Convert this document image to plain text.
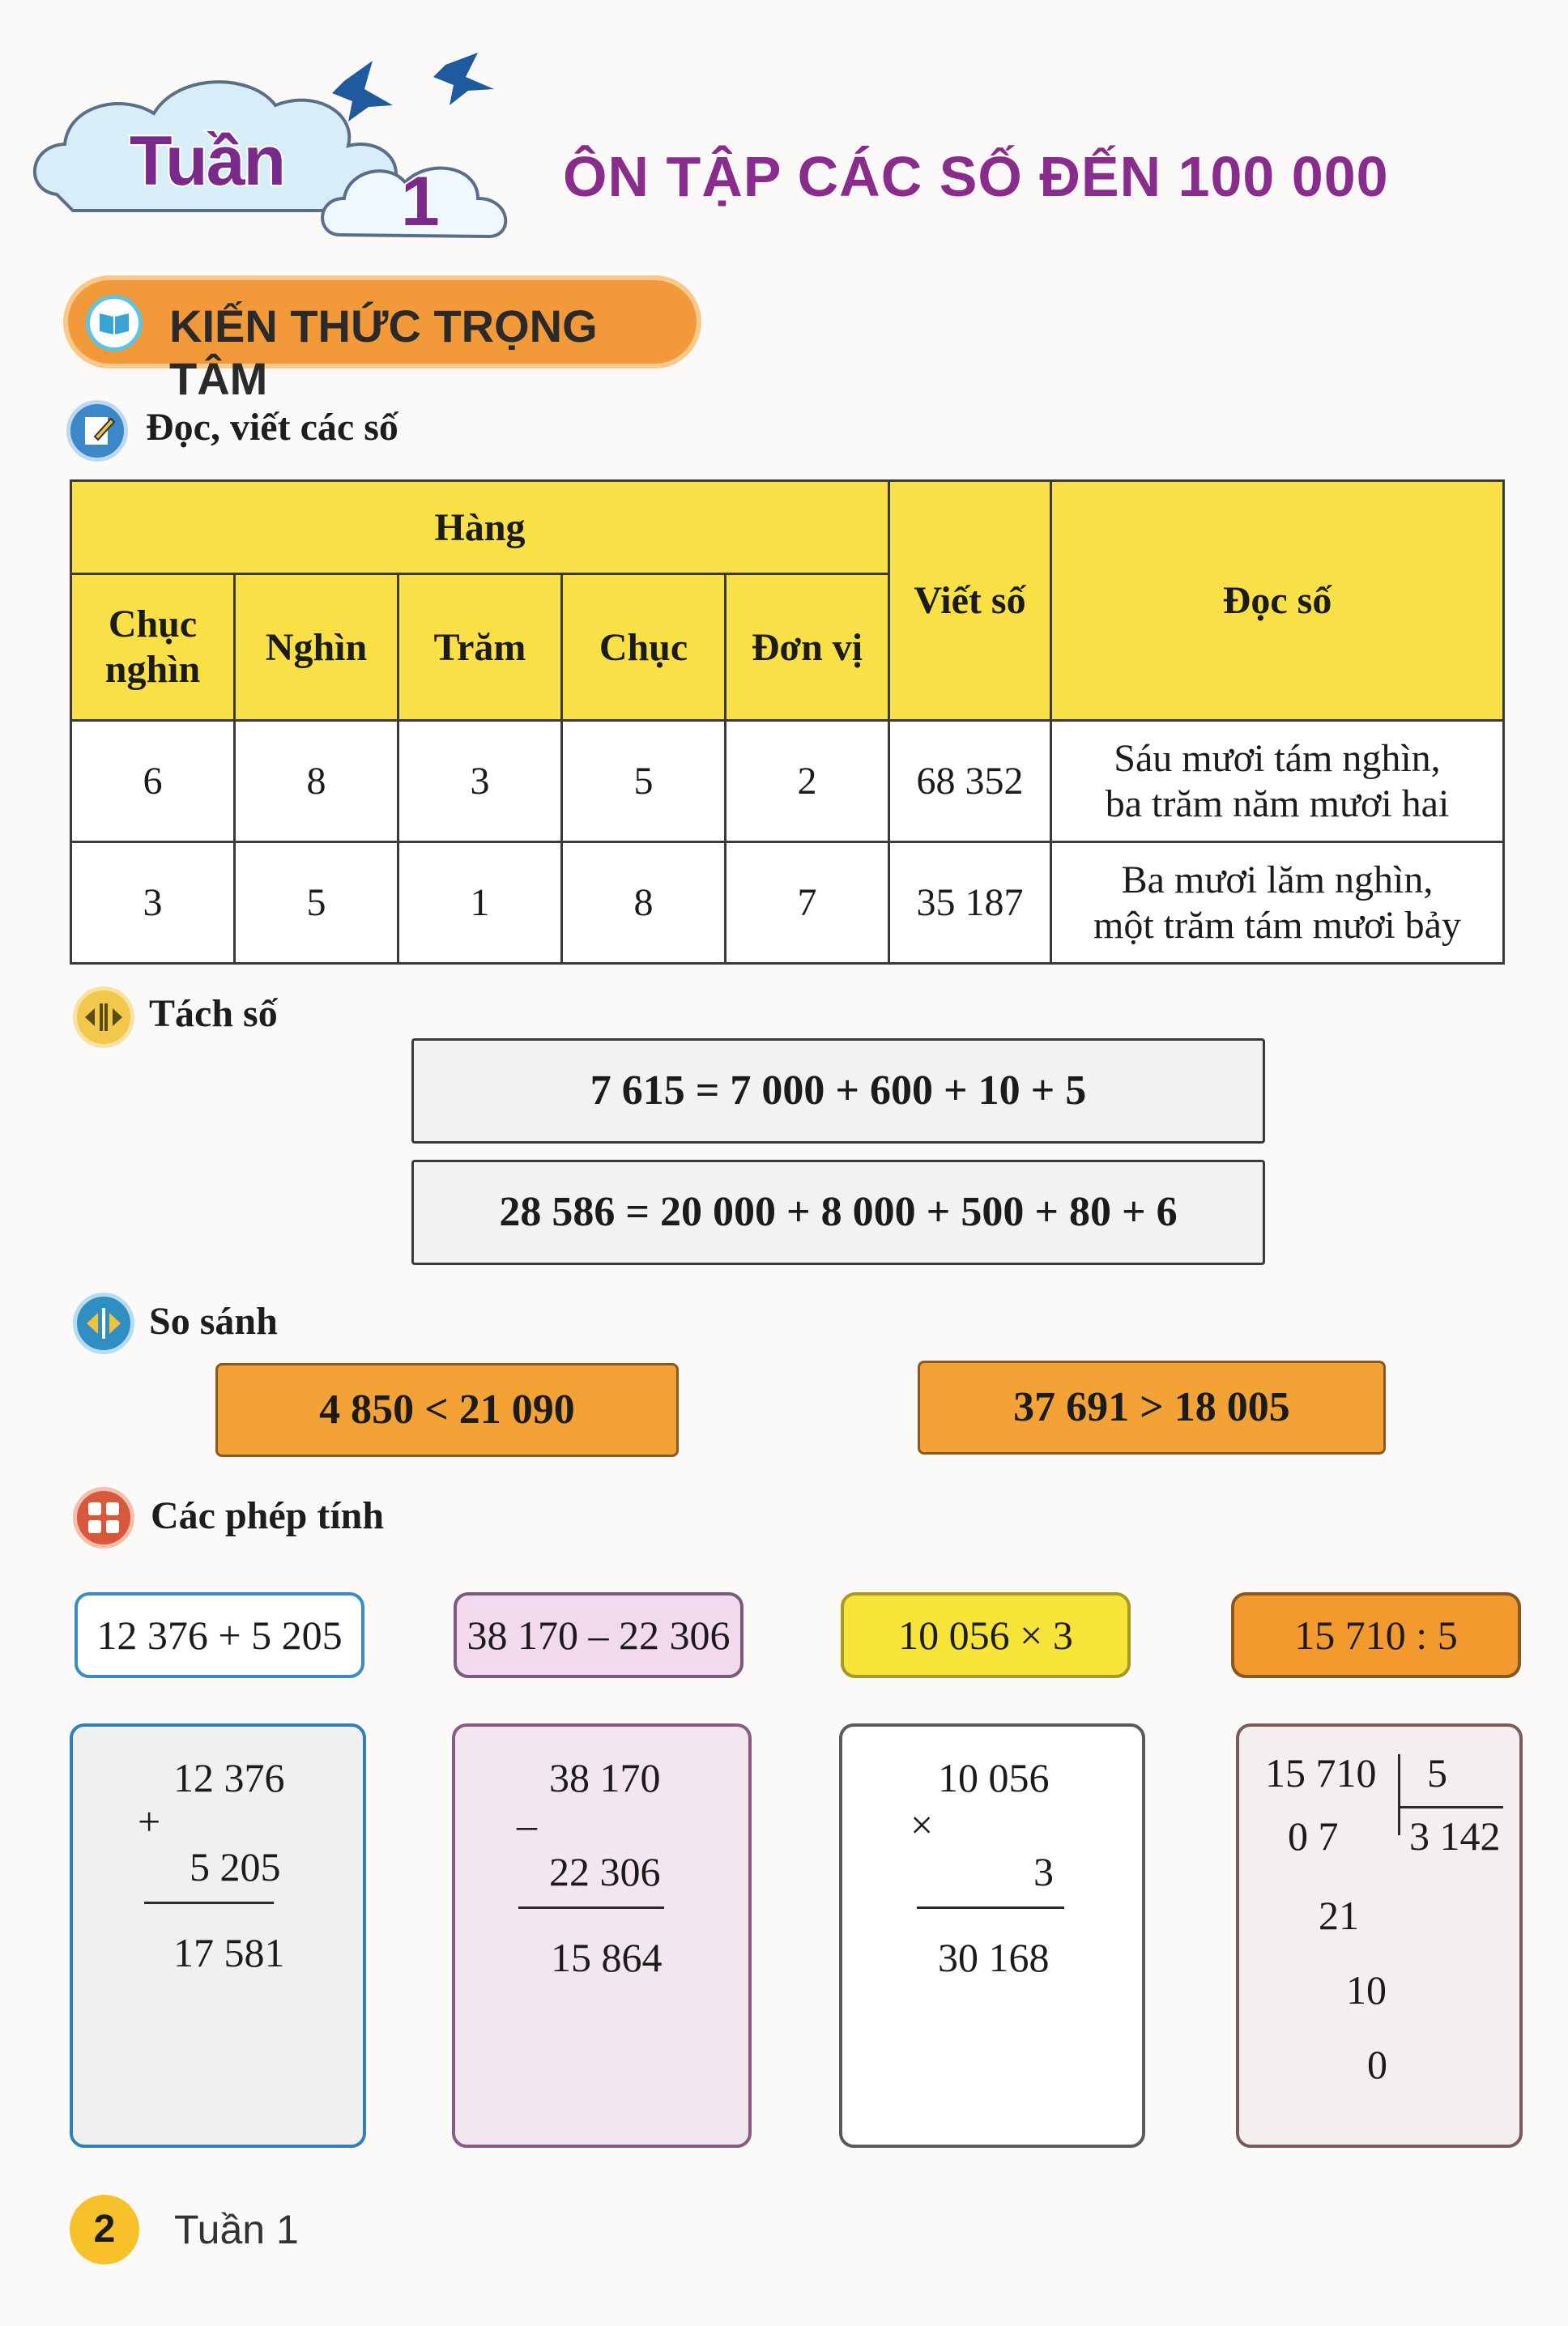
Tuần
1 ÔN TẬP CÁC SỐ ĐẾN 100 000
KIẾN THỨC TRỌNG TÂM
Đọc, viết các số
Hàng					Viết số	Đọc số
Chục
nghìn	Nghìn	Trăm	Chục	Đơn vị		
6	8	3	5	2	68 352	Sáu mươi tám nghìn,
ba trăm năm mươi hai
3	5	1	8	7	35 187	Ba mươi lăm nghìn,
một trăm tám mươi bảy
Tách số
7 615 = 7 000 + 600 + 10 + 5
28 586 = 20 000 + 8 000 + 500 + 80 + 6
So sánh
4 850 < 21 090	37 691 > 18 005
Các phép tính
12 376 + 5 205	38 170 – 22 306	10 056 × 3	15 710 : 5
12 376
+
5 205
17 581
38 170
–
22 306
15 864
10 056
×
3
30 168
15 710 5
3 142
0 7
21
10
0
2	Tuần 1
